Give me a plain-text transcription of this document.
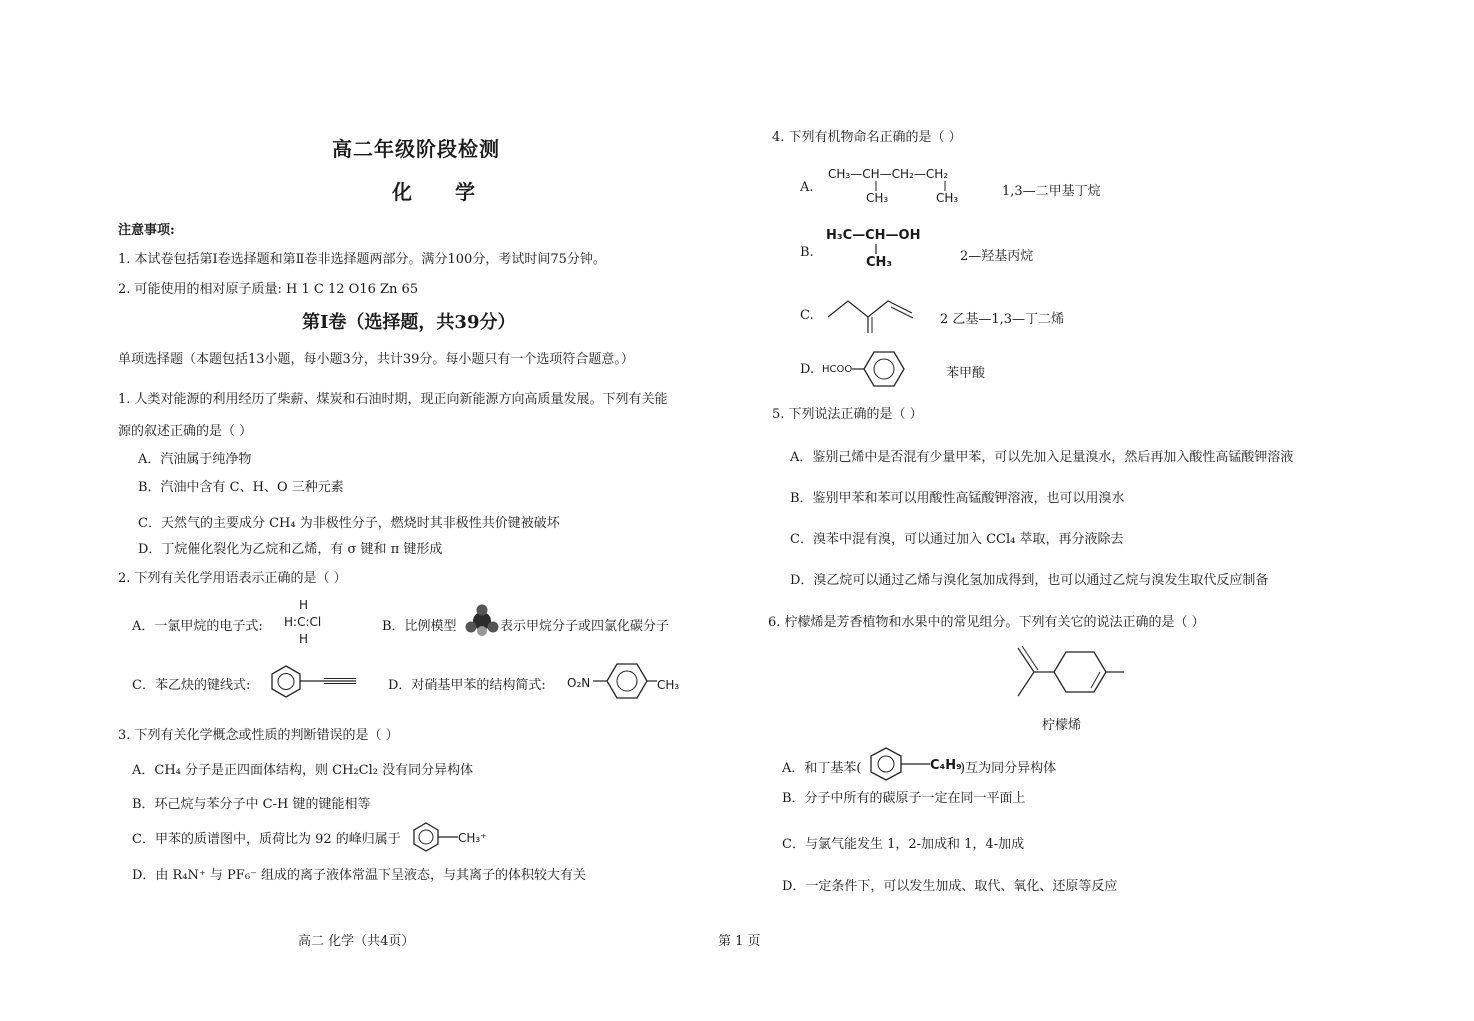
高二年级阶段检测
化 学
注意事项:
1. 本试卷包括第Ⅰ卷选择题和第Ⅱ卷非选择题两部分。满分100分，考试时间75分钟。
2. 可能使用的相对原子质量: H 1 C 12 O16 Zn 65
第Ⅰ卷（选择题，共39分）
单项选择题（本题包括13小题，每小题3分，共计39分。每小题只有一个选项符合题意。）
1. 人类对能源的利用经历了柴薪、煤炭和石油时期，现正向新能源方向高质量发展。下列有关能
源的叙述正确的是（ ）
A．汽油属于纯净物
B．汽油中含有 C、H、O 三种元素
C．天然气的主要成分 CH₄ 为非极性分子，燃烧时其非极性共价键被破坏
D．丁烷催化裂化为乙烷和乙烯，有 σ 键和 π 键形成
2. 下列有关化学用语表示正确的是（ ）
A．一氯甲烷的电子式:
H
H:C:Cl
H
B．比例模型	表示甲烷分子或四氯化碳分子
C．苯乙炔的键线式:	D．对硝基甲苯的结构简式: O₂N	CH₃
3. 下列有关化学概念或性质的判断错误的是（ ）
A．CH₄ 分子是正四面体结构，则 CH₂Cl₂ 没有同分异构体
B．环己烷与苯分子中 C-H 键的键能相等
C．甲苯的质谱图中，质荷比为 92 的峰归属于	CH₃⁺
D．由 R₄N⁺ 与 PF₆⁻ 组成的离子液体常温下呈液态，与其离子的体积较大有关
高二 化学（共4页）	第 1 页
4. 下列有机物命名正确的是（ ）
A.
CH₃—CH—CH₂—CH₂
CH₃	CH₃	1,3—二甲基丁烷
B.
H₃C—CH—OH
CH₃	2—羟基丙烷
C.	2 乙基—1,3—丁二烯
D. HCOO	苯甲酸
5. 下列说法正确的是（ ）
A．鉴别己烯中是否混有少量甲苯，可以先加入足量溴水，然后再加入酸性高锰酸钾溶液
B．鉴别甲苯和苯可以用酸性高锰酸钾溶液，也可以用溴水
C．溴苯中混有溴，可以通过加入 CCl₄ 萃取，再分液除去
D．溴乙烷可以通过乙烯与溴化氢加成得到，也可以通过乙烷与溴发生取代反应制备
6. 柠檬烯是芳香植物和水果中的常见组分。下列有关它的说法正确的是（ ）
柠檬烯
A．和丁基苯(	C₄H₉
)互为同分异构体
B．分子中所有的碳原子一定在同一平面上
C．与氯气能发生 1，2-加成和 1，4-加成
D．一定条件下，可以发生加成、取代、氧化、还原等反应
